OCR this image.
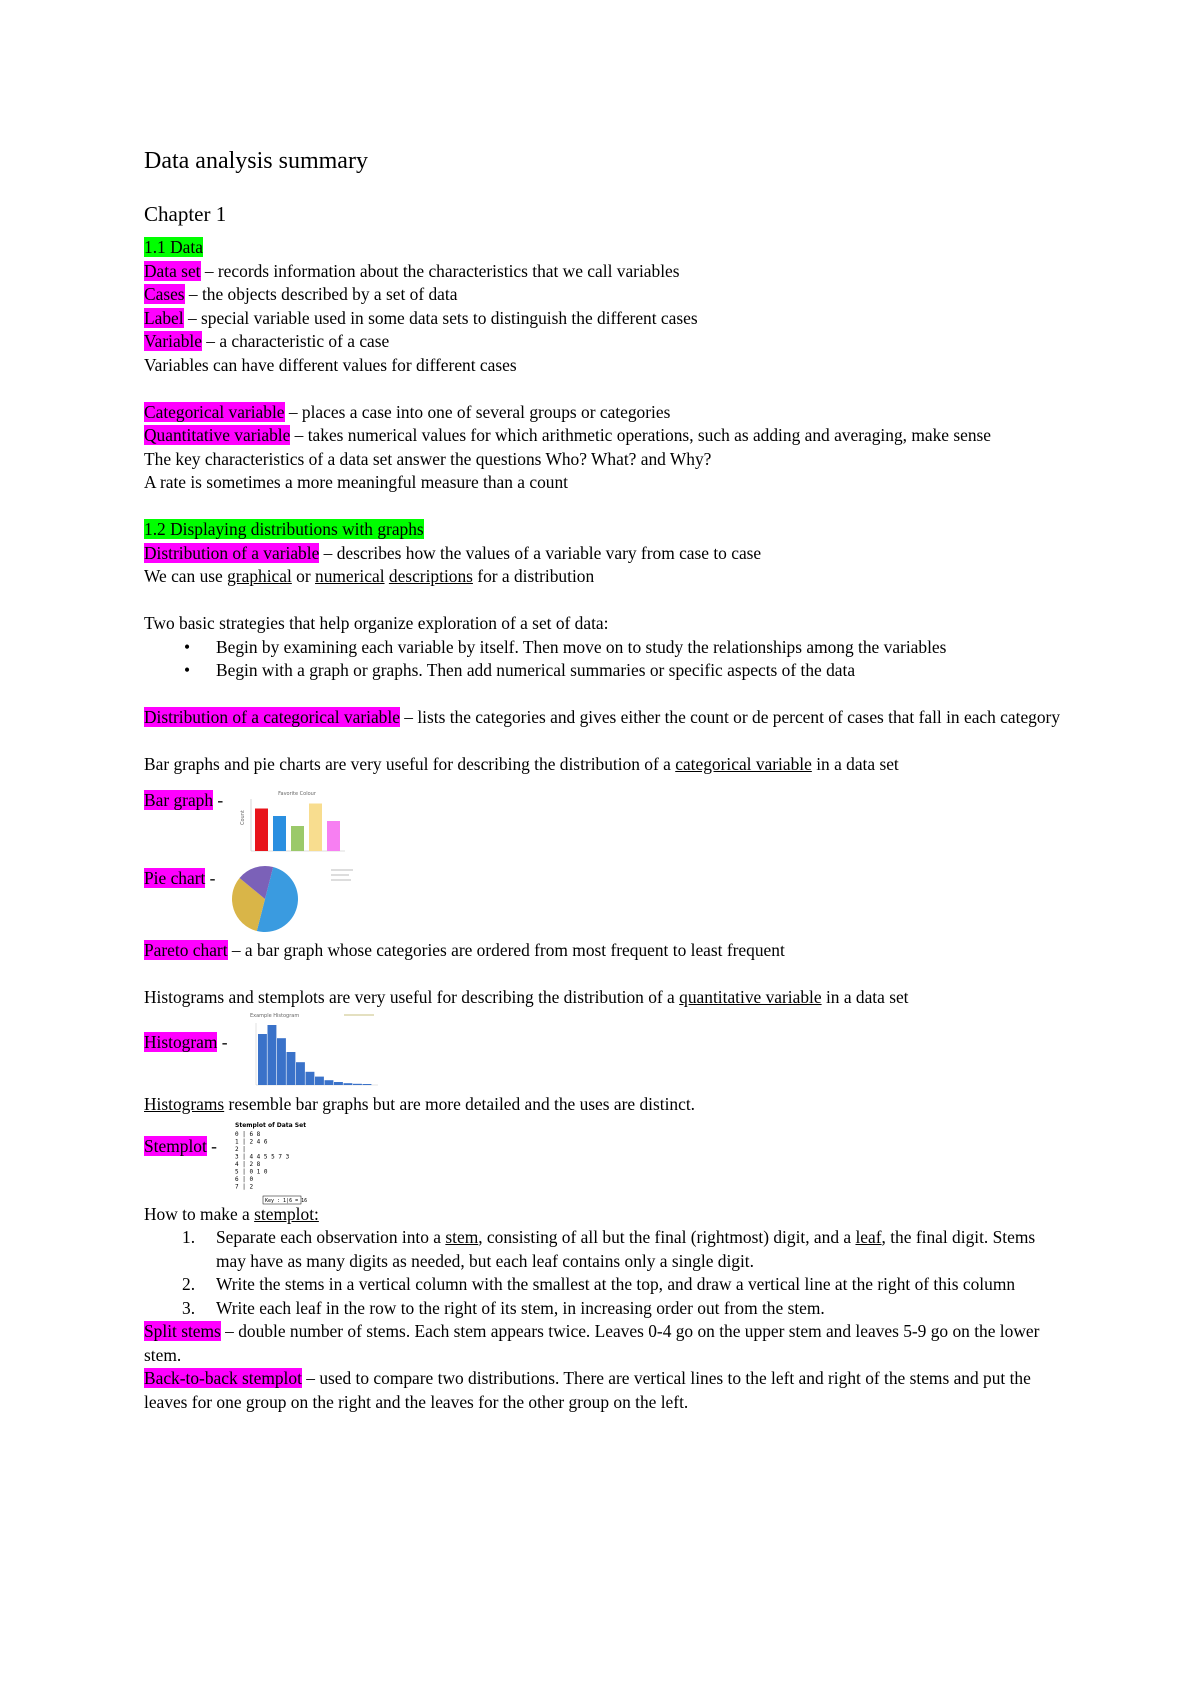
Data analysis summary
Chapter 1
1.1 Data
Data set – records information about the characteristics that we call variables
Cases – the objects described by a set of data
Label – special variable used in some data sets to distinguish the different cases
Variable – a characteristic of a case
Variables can have different values for different cases
Categorical variable – places a case into one of several groups or categories
Quantitative variable – takes numerical values for which arithmetic operations, such as adding and averaging, make sense
The key characteristics of a data set answer the questions Who? What? and Why?
A rate is sometimes a more meaningful measure than a count
1.2 Displaying distributions with graphs
Distribution of a variable – describes how the values of a variable vary from case to case
We can use graphical or numerical descriptions for a distribution
Two basic strategies that help organize exploration of a set of data:
•	Begin by examining each variable by itself. Then move on to study the relationships among the variables
•	Begin with a graph or graphs. Then add numerical summaries or specific aspects of the data
Distribution of a categorical variable – lists the categories and gives either the count or de percent of cases that fall in each category
Bar graphs and pie charts are very useful for describing the distribution of a categorical variable in a data set
Bar graph -	Favorite Colour
Count
Pie chart -
Pareto chart – a bar graph whose categories are ordered from most frequent to least frequent
Histograms and stemplots are very useful for describing the distribution of a quantitative variable in a data set
Histogram -
Example Histogram
Histograms resemble bar graphs but are more detailed and the uses are distinct.
Stemplot -
Stemplot of Data Set
0 | 6 8
1 | 2 4 6
2 |
3 | 4 4 5 5 7 3
4 | 2 8
5 | 0 1 0
6 | 0
7 | 2
Key : 1|6 = 16
How to make a stemplot:
1.	Separate each observation into a stem, consisting of all but the final (rightmost) digit, and a leaf, the final digit. Stems may have as many digits as needed, but each leaf contains only a single digit.
2.	Write the stems in a vertical column with the smallest at the top, and draw a vertical line at the right of this column
3.	Write each leaf in the row to the right of its stem, in increasing order out from the stem.
Split stems – double number of stems. Each stem appears twice. Leaves 0-4 go on the upper stem and leaves 5-9 go on the lower stem.
Back-to-back stemplot – used to compare two distributions. There are vertical lines to the left and right of the stems and put the leaves for one group on the right and the leaves for the other group on the left.
